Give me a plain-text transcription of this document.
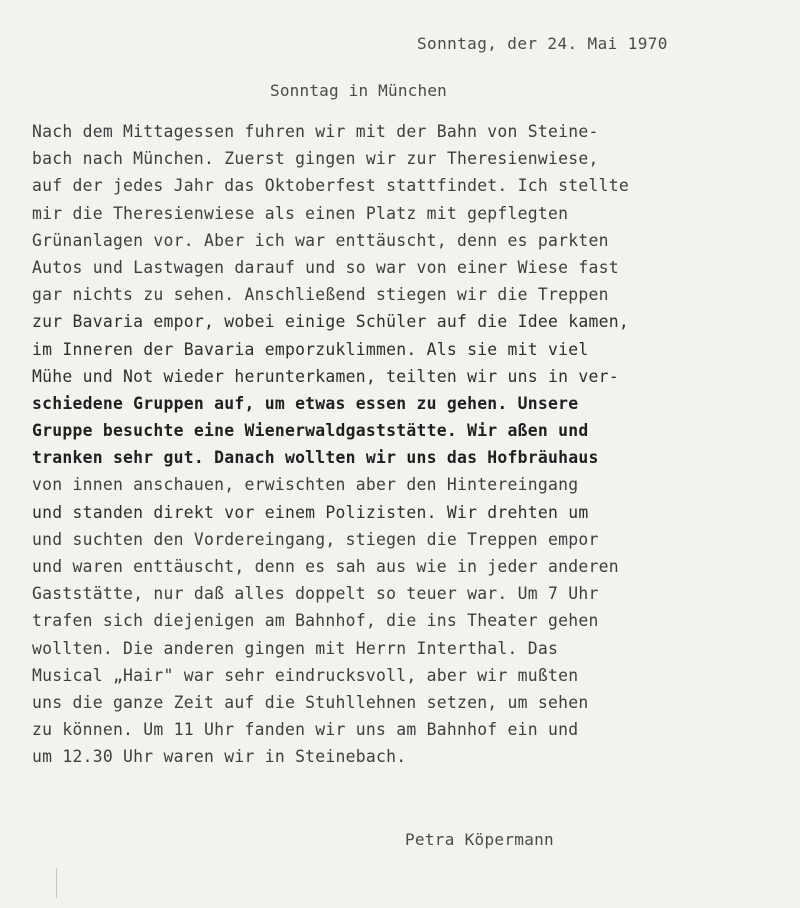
Sonntag, der 24. Mai 1970
Sonntag in München
Nach dem Mittagessen fuhren wir mit der Bahn von Steine-
bach nach München. Zuerst gingen wir zur Theresienwiese,
auf der jedes Jahr das Oktoberfest stattfindet. Ich stellte
mir die Theresienwiese als einen Platz mit gepflegten
Grünanlagen vor. Aber ich war enttäuscht, denn es parkten
Autos und Lastwagen darauf und so war von einer Wiese fast
gar nichts zu sehen. Anschließend stiegen wir die Treppen
zur Bavaria empor, wobei einige Schüler auf die Idee kamen,
im Inneren der Bavaria emporzuklimmen. Als sie mit viel
Mühe und Not wieder herunterkamen, teilten wir uns in ver-
schiedene Gruppen auf, um etwas essen zu gehen. Unsere
Gruppe besuchte eine Wienerwaldgaststätte. Wir aßen und
tranken sehr gut. Danach wollten wir uns das Hofbräuhaus
von innen anschauen, erwischten aber den Hintereingang
und standen direkt vor einem Polizisten. Wir drehten um
und suchten den Vordereingang, stiegen die Treppen empor
und waren enttäuscht, denn es sah aus wie in jeder anderen
Gaststätte, nur daß alles doppelt so teuer war. Um 7 Uhr
trafen sich diejenigen am Bahnhof, die ins Theater gehen
wollten. Die anderen gingen mit Herrn Interthal. Das
Musical „Hair" war sehr eindrucksvoll, aber wir mußten
uns die ganze Zeit auf die Stuhllehnen setzen, um sehen
zu können. Um 11 Uhr fanden wir uns am Bahnhof ein und
um 12.30 Uhr waren wir in Steinebach.
Petra Köpermann
